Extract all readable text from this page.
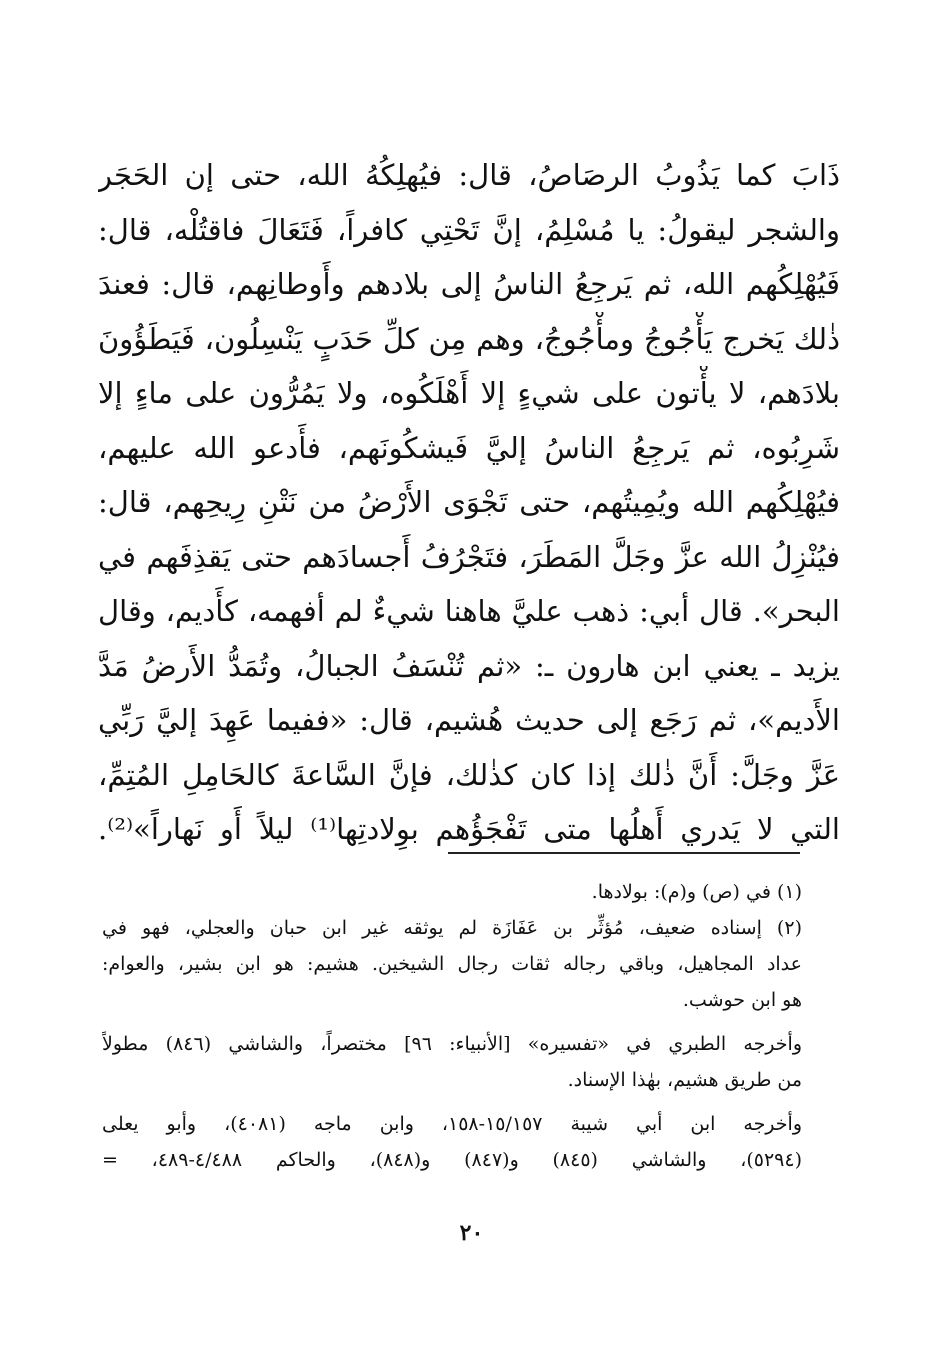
ذَابَ كما يَذُوبُ الرصَاصُ، قال: فيُهلِكُهُ الله، حتى إن الحَجَر
والشجر ليقولُ: يا مُسْلِمُ، إنَّ تَحْتِي كافراً، فَتَعَالَ فاقتُلْه، قال:
فَيُهْلِكُهم الله، ثم يَرجِعُ الناسُ إلى بلادهم وأَوطانِهم، قال: فعندَ
ذٰلك يَخرج يَأْجُوجُ ومأْجُوجُ، وهم مِن كلِّ حَدَبٍ يَنْسِلُون، فَيَطَؤُونَ
بلادَهم، لا يأْتون على شيءٍ إلا أَهْلَكُوه، ولا يَمُرُّون على ماءٍ إلا
شَرِبُوه، ثم يَرجِعُ الناسُ إليَّ فَيشكُونَهم، فأَدعو الله عليهم،
فيُهْلِكُهم الله ويُمِيتُهم، حتى تَجْوَى الأَرْضُ من نَتْنِ رِيحِهم، قال:
فيُنْزِلُ الله عزَّ وجَلَّ المَطَرَ، فتَجْرُفُ أَجسادَهم حتى يَقذِفَهم في
البحر». قال أبي: ذهب عليَّ هاهنا شيءٌ لم أفهمه، كأَديم، وقال
يزيد ـ يعني ابن هارون ـ: «ثم تُنْسَفُ الجبالُ، وتُمَدُّ الأَرضُ مَدَّ
الأَديم»، ثم رَجَع إلى حديث هُشيم، قال: «ففيما عَهِدَ إليَّ رَبِّي
عَزَّ وجَلَّ: أَنَّ ذٰلك إذا كان كذٰلك، فإنَّ السَّاعةَ كالحَامِلِ المُتِمِّ،
التي لا يَدري أَهلُها متى تَفْجَؤُهم بوِلادتِها⁽¹⁾ ليلاً أَو نَهاراً»⁽²⁾.
(١) في (ص) و(م): بولادها.
(٢) إسناده ضعيف، مُؤثِّر بن عَفَازَة لم يوثقه غير ابن حبان والعجلي، فهو في
عداد المجاهيل، وباقي رجاله ثقات رجال الشيخين. هشيم: هو ابن بشير، والعوام:
هو ابن حوشب.
وأخرجه الطبري في «تفسيره» [الأنبياء: ٩٦] مختصراً، والشاشي (٨٤٦) مطولاً
من طريق هشيم، بهٰذا الإسناد.
وأخرجه ابن أبي شيبة ١٥/١٥٧-١٥٨، وابن ماجه (٤٠٨١)، وأبو يعلى
(٥٢٩٤)، والشاشي (٨٤٥) و(٨٤٧) و(٨٤٨)، والحاكم ٤/٤٨٨-٤٨٩، =
٢٠
